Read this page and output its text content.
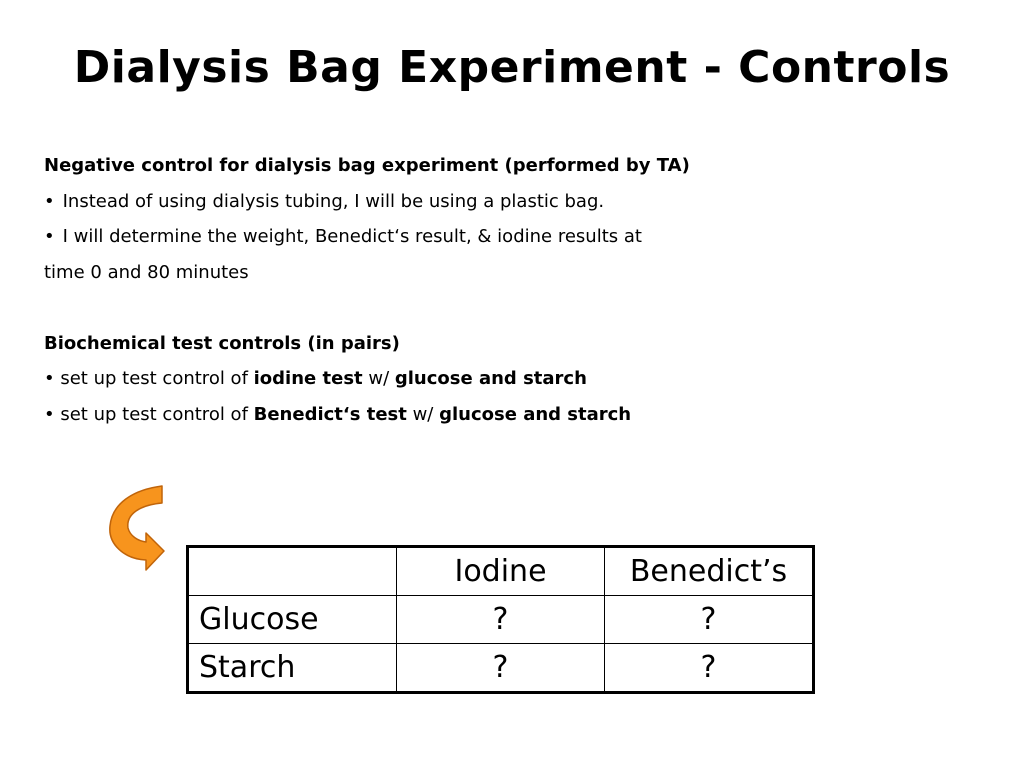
Dialysis Bag Experiment - Controls
Negative control for dialysis bag experiment (performed by TA)
• Instead of using dialysis tubing, I will be using a plastic bag.
• I will determine the weight, Benedict‘s result, & iodine results at
time 0 and 80 minutes
Biochemical test controls (in pairs)
• set up test control of iodine test w/ glucose and starch
• set up test control of Benedict‘s test w/ glucose and starch
	Iodine	Benedict’s
Glucose	?	?
Starch	?	?
